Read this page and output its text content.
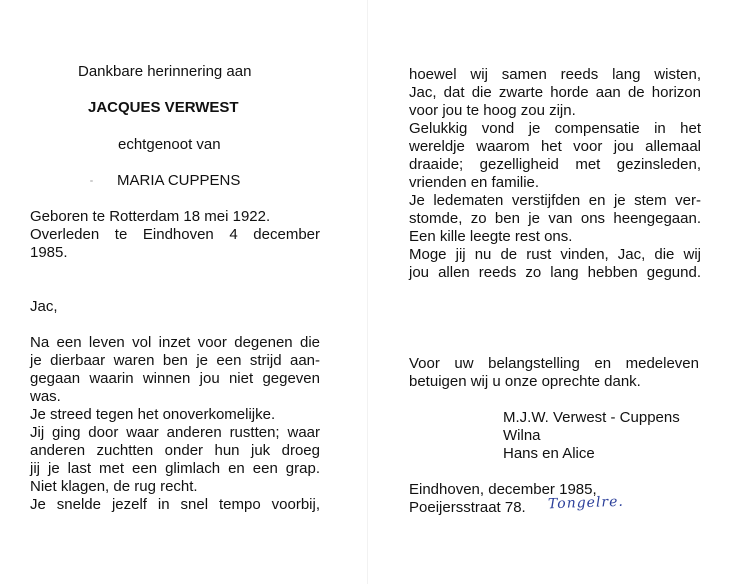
Dankbare herinnering aan
JACQUES VERWEST
echtgenoot van
MARIA CUPPENS
Geboren te Rotterdam 18 mei 1922.
Overleden te Eindhoven 4 december
1985.
Jac,
Na een leven vol inzet voor degenen die
je dierbaar waren ben je een strijd aan-
gegaan waarin winnen jou niet gegeven
was.
Je streed tegen het onoverkomelijke.
Jij ging door waar anderen rustten; waar
anderen zuchtten onder hun juk droeg
jij je last met een glimlach en een grap.
Niet klagen, de rug recht.
Je snelde jezelf in snel tempo voorbij,
hoewel wij samen reeds lang wisten,
Jac, dat die zwarte horde aan de horizon
voor jou te hoog zou zijn.
Gelukkig vond je compensatie in het
wereldje waarom het voor jou allemaal
draaide; gezelligheid met gezinsleden,
vrienden en familie.
Je ledematen verstijfden en je stem ver-
stomde, zo ben je van ons heengegaan.
Een kille leegte rest ons.
Moge jij nu de rust vinden, Jac, die wij
jou allen reeds zo lang hebben gegund.
Voor uw belangstelling en medeleven
betuigen wij u onze oprechte dank.
M.J.W. Verwest - Cuppens
Wilna
Hans en Alice
Eindhoven, december 1985,
Poeijersstraat 78. Tongelre.
